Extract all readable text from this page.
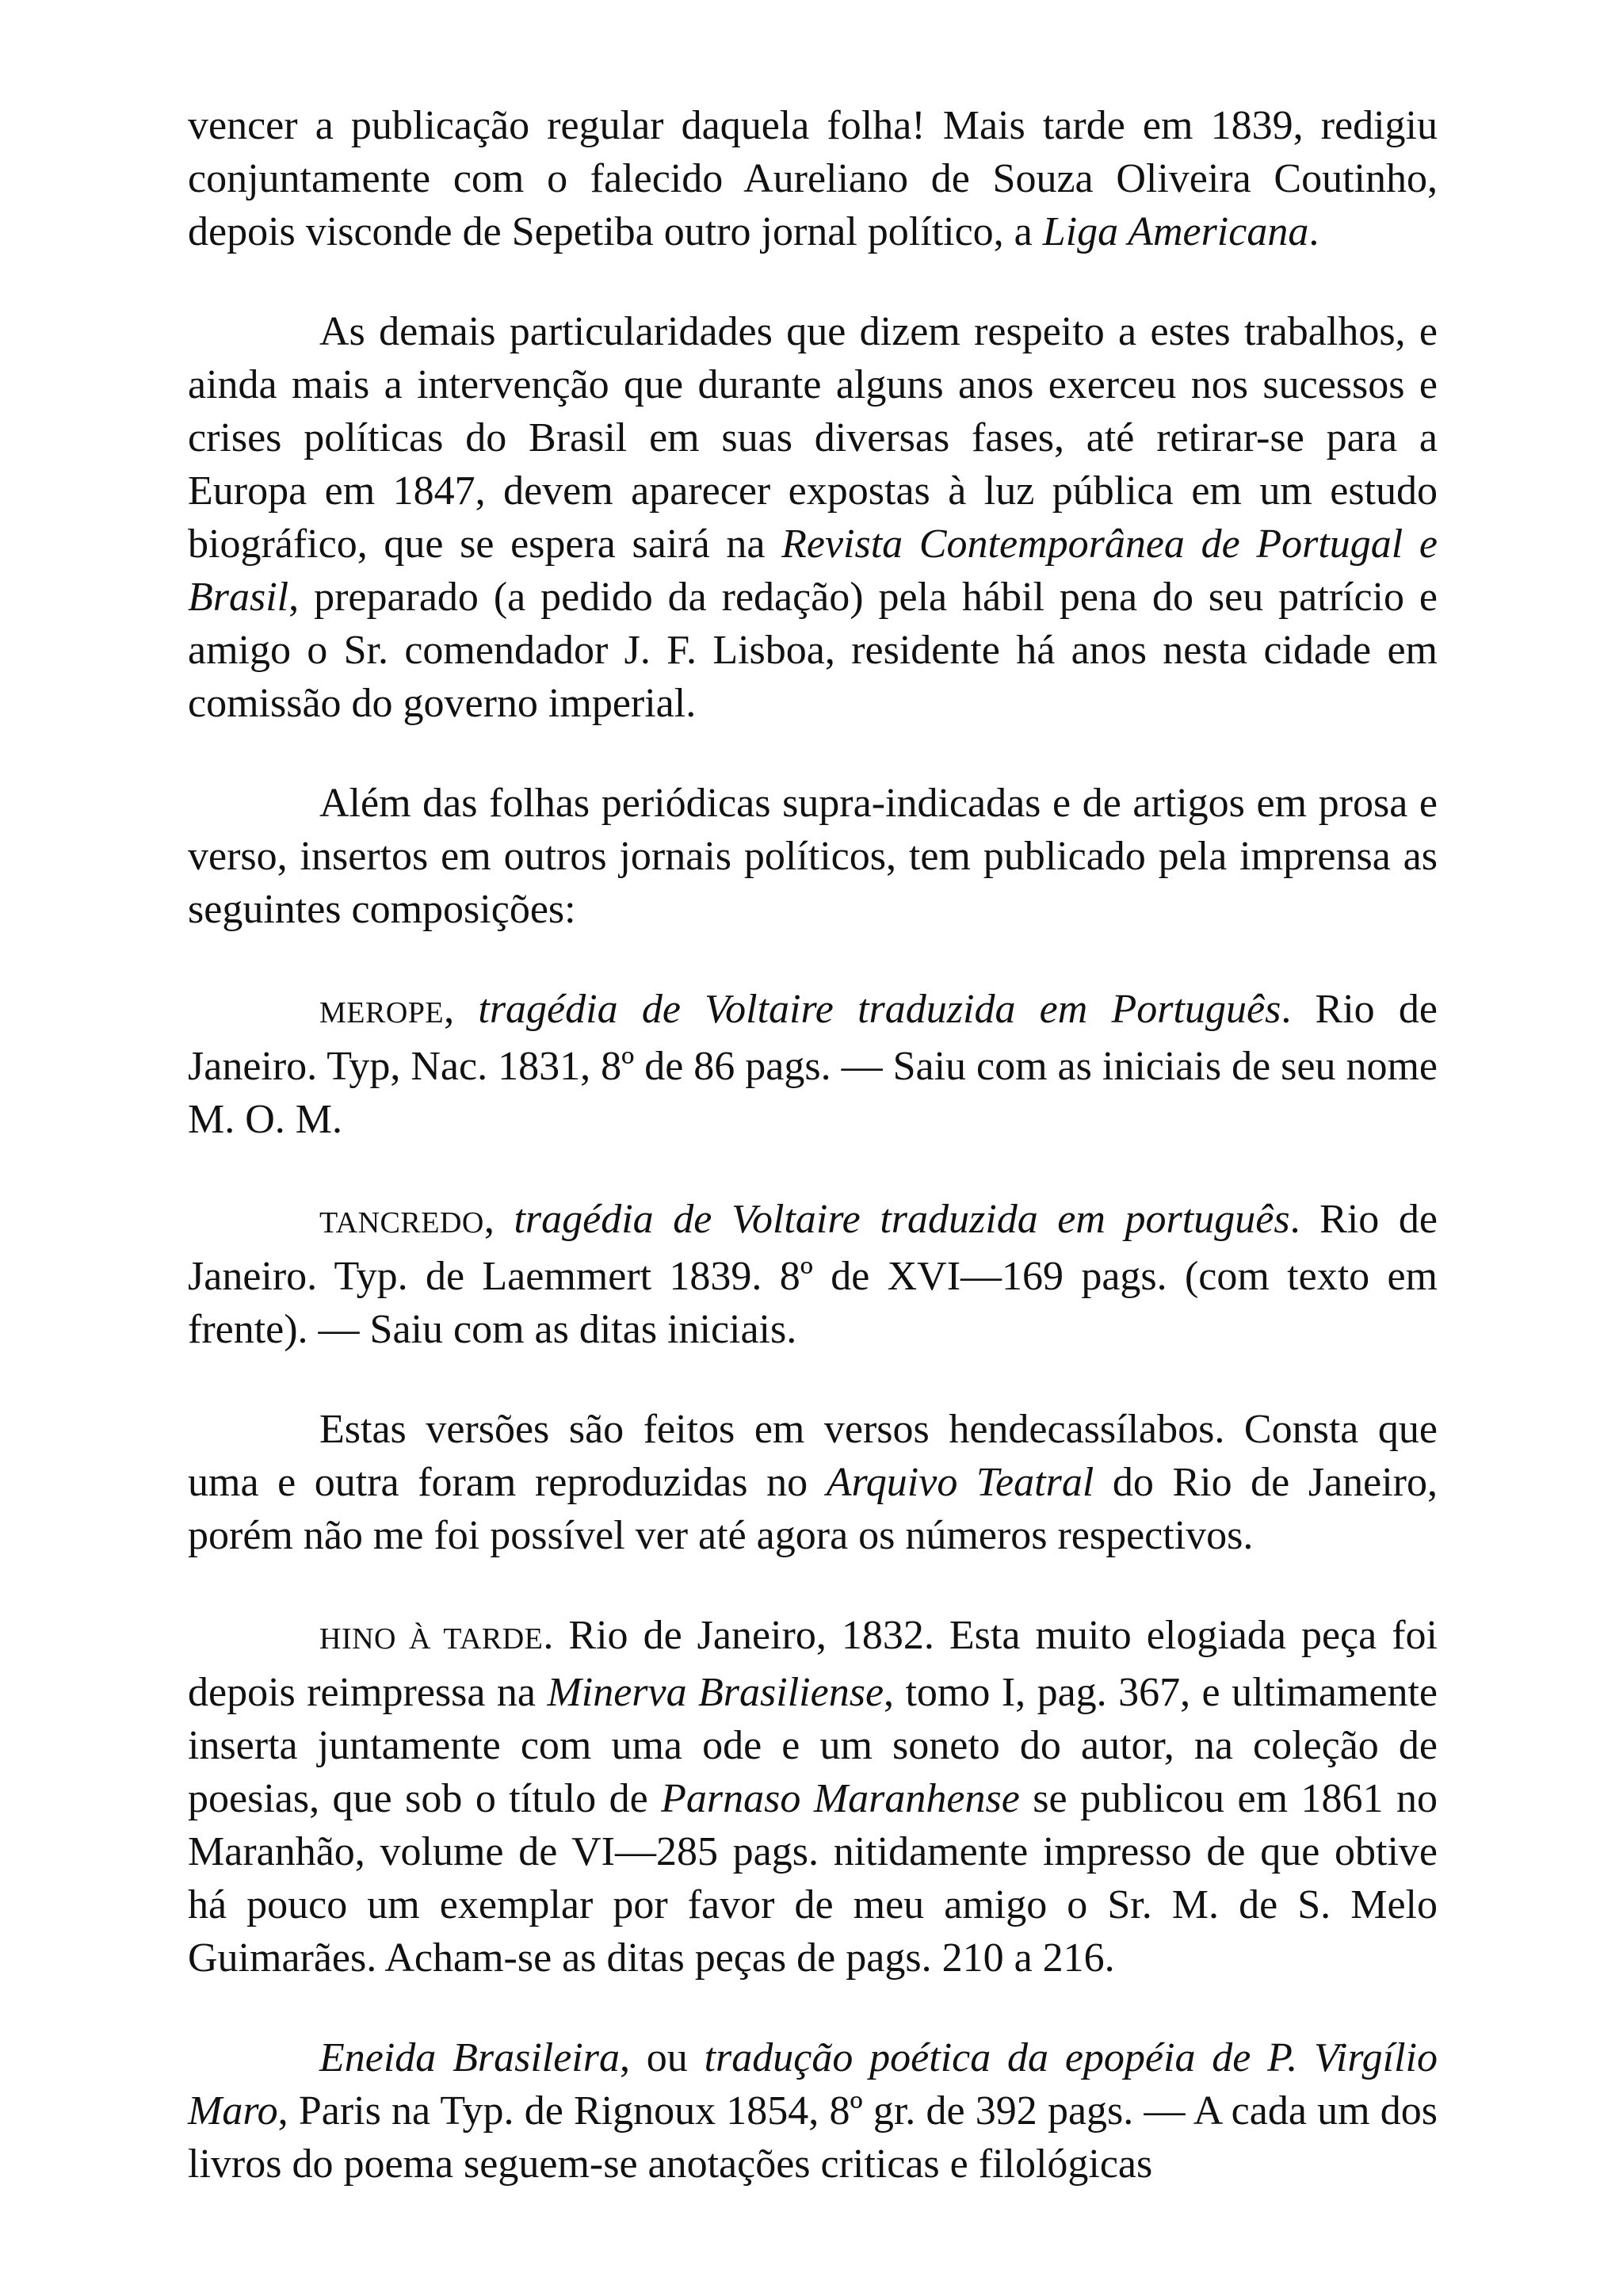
vencer a publicação regular daquela folha! Mais tarde em 1839, redigiu conjuntamente com o falecido Aureliano de Souza Oliveira Coutinho, depois visconde de Sepetiba outro jornal político, a Liga Americana.

As demais particularidades que dizem respeito a estes trabalhos, e ainda mais a intervenção que durante alguns anos exerceu nos sucessos e crises políticas do Brasil em suas diversas fases, até retirar-se para a Europa em 1847, devem aparecer expostas à luz pública em um estudo biográfico, que se espera sairá na Revista Contemporânea de Portugal e Brasil, preparado (a pedido da redação) pela hábil pena do seu patrício e amigo o Sr. comendador J. F. Lisboa, residente há anos nesta cidade em comissão do governo imperial.

Além das folhas periódicas supra-indicadas e de artigos em prosa e verso, insertos em outros jornais políticos, tem publicado pela imprensa as seguintes composições:

MEROPE, tragédia de Voltaire traduzida em Português. Rio de Janeiro. Typ, Nac. 1831, 8º de 86 pags. — Saiu com as iniciais de seu nome M. O. M.

TANCREDO, tragédia de Voltaire traduzida em português. Rio de Janeiro. Typ. de Laemmert 1839. 8º de XVI—169 pags. (com texto em frente). — Saiu com as ditas iniciais.

Estas versões são feitos em versos hendecassílabos. Consta que uma e outra foram reproduzidas no Arquivo Teatral do Rio de Janeiro, porém não me foi possível ver até agora os números respectivos.

HINO À TARDE. Rio de Janeiro, 1832. Esta muito elogiada peça foi depois reimpressa na Minerva Brasiliense, tomo I, pag. 367, e ultimamente inserta juntamente com uma ode e um soneto do autor, na coleção de poesias, que sob o título de Parnaso Maranhense se publicou em 1861 no Maranhão, volume de VI—285 pags. nitidamente impresso de que obtive há pouco um exemplar por favor de meu amigo o Sr. M. de S. Melo Guimarães. Acham-se as ditas peças de pags. 210 a 216.

Eneida Brasileira, ou tradução poética da epopéia de P. Virgílio Maro, Paris na Typ. de Rignoux 1854, 8º gr. de 392 pags. — A cada um dos livros do poema seguem-se anotações criticas e filológicas
